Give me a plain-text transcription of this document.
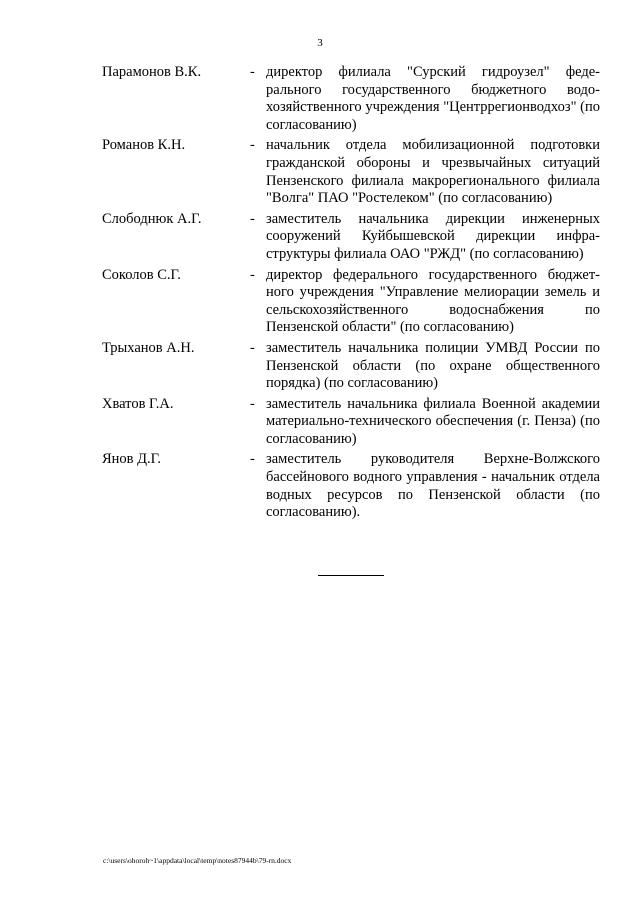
3
Парамонов В.К.	- директор филиала "Сурский гидроузел" федерального государственного бюджетного водохозяйственного учреждения "Центррегионводхоз" (по согласованию)
Романов К.Н.	- начальник отдела мобилизационной подготовки гражданской обороны и чрезвычайных ситуаций Пензенского филиала макрорегионального филиала "Волга" ПАО "Ростелеком" (по согласованию)
Слободнюк А.Г.	- заместитель начальника дирекции инженерных сооружений Куйбышевской дирекции инфраструктуры филиала ОАО "РЖД" (по согласованию)
Соколов С.Г.	- директор федерального государственного бюджетного учреждения "Управление мелиорации земель и сельскохозяйственного водоснабжения по Пензенской области" (по согласованию)
Трыханов А.Н.	- заместитель начальника полиции УМВД России по Пензенской области (по охране общественного порядка) (по согласованию)
Хватов Г.А.	- заместитель начальника филиала Военной академии материально-технического обеспечения (г. Пенза) (по согласованию)
Янов Д.Г.	- заместитель руководителя Верхне-Волжского бассейнового водного управления - начальник отдела водных ресурсов по Пензенской области (по согласованию).
c:\users\ohoroh~1\appdata\local\temp\notes87944b\79-rn.docx
